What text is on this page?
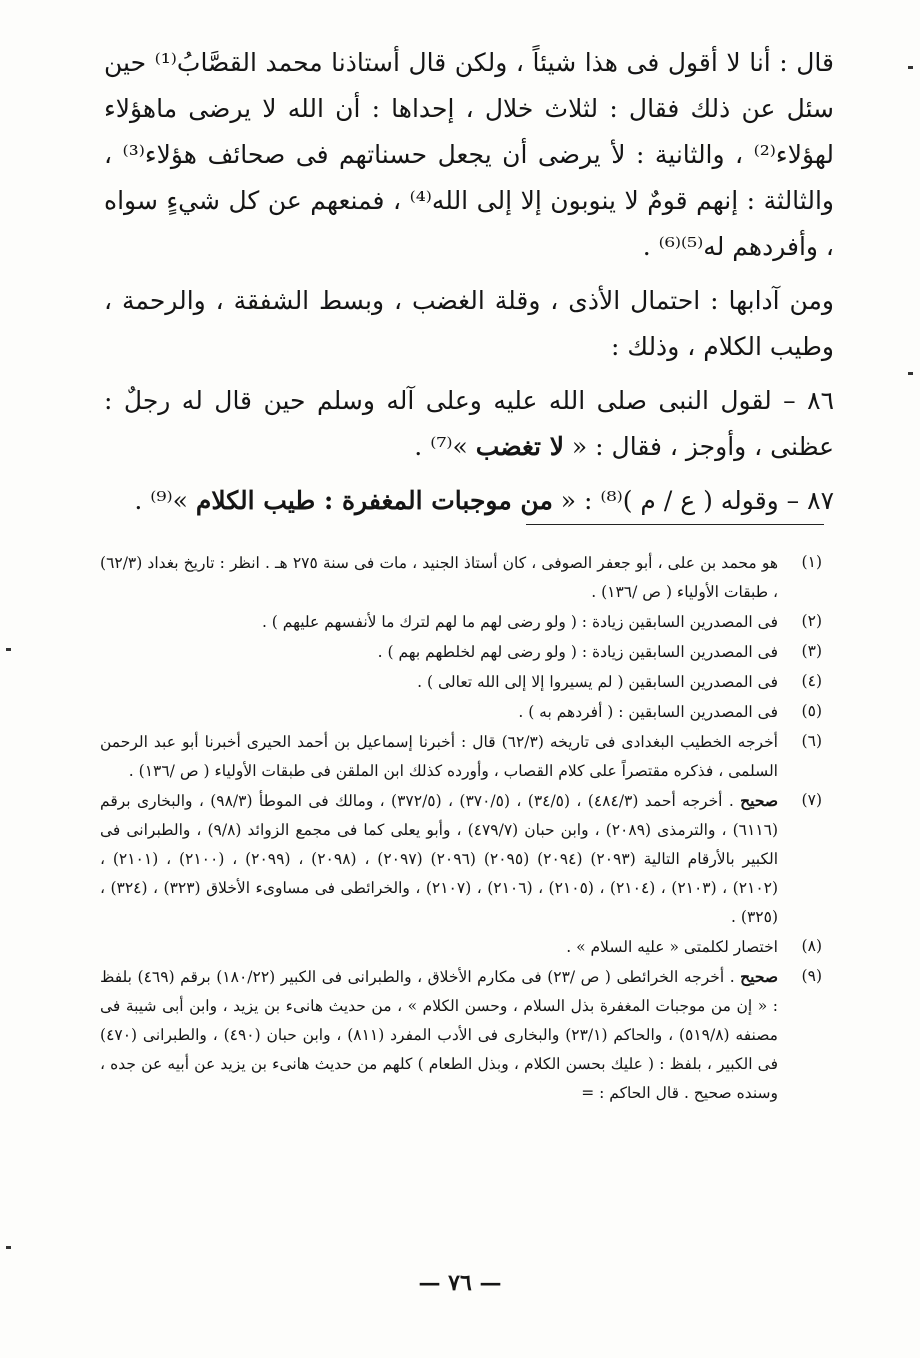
قال : أنا لا أقول فى هذا شيئاً ، ولكن قال أستاذنا محمد القصَّابُ⁽¹⁾ حين سئل عن ذلك فقال : لثلاث خلال ، إحداها : أن الله لا يرضى ماهؤلاء لهؤلاء⁽²⁾ ، والثانية : لأ يرضى أن يجعل حسناتهم فى صحائف هؤلاء⁽³⁾ ، والثالثة : إنهم قومٌ لا ينوبون إلا إلى الله⁽⁴⁾ ، فمنعهم عن كل شيءٍ سواه ، وأفردهم له⁽⁵⁾⁽⁶⁾ .

ومن آدابها : احتمال الأذى ، وقلة الغضب ، وبسط الشفقة ، والرحمة ، وطيب الكلام ، وذلك :

٨٦ – لقول النبى صلى الله عليه وعلى آله وسلم حين قال له رجلٌ : عظنى ، وأوجز ، فقال : « لا تغضب »⁽⁷⁾ .

٨٧ – وقوله ( ع / م )⁽⁸⁾ : « من موجبات المغفرة : طيب الكلام »⁽⁹⁾ .

(١)
هو محمد بن على ، أبو جعفر الصوفى ، كان أستاذ الجنيد ، مات فى سنة ٢٧٥ هـ . انظر : تاريخ بغداد (٦٢/٣) ، طبقات الأولياء ( ص /١٣٦) .
(٢)
فى المصدرين السابقين زيادة : ( ولو رضى لهم ما لهم لترك ما لأنفسهم عليهم ) .
(٣)
فى المصدرين السابقين زيادة : ( ولو رضى لهم لخلطهم بهم ) .
(٤)
فى المصدرين السابقين ( لم يسيروا إلا إلى الله تعالى ) .
(٥)
فى المصدرين السابقين : ( أفردهم به ) .
(٦)
أخرجه الخطيب البغدادى فى تاريخه (٦٢/٣) قال : أخبرنا إسماعيل بن أحمد الحيرى أخبرنا أبو عبد الرحمن السلمى ، فذكره مقتصراً على كلام القصاب ، وأورده كذلك ابن الملقن فى طبقات الأولياء ( ص /١٣٦) .
(٧)
صحيح . أخرجه أحمد (٤٨٤/٣) ، (٣٤/٥) ، (٣٧٠/٥) ، (٣٧٢/٥) ، ومالك فى الموطأ (٩٨/٣) ، والبخارى برقم (٦١١٦) ، والترمذى (٢٠٨٩) ، وابن حبان (٤٧٩/٧) ، وأبو يعلى كما فى مجمع الزوائد (٩/٨) ، والطبرانى فى الكبير بالأرقام التالية (٢٠٩٣) (٢٠٩٤) (٢٠٩٥) (٢٠٩٦) (٢٠٩٧) ، (٢٠٩٨) ، (٢٠٩٩) ، (٢١٠٠) ، (٢١٠١) ، (٢١٠٢) ، (٢١٠٣) ، (٢١٠٤) ، (٢١٠٥) ، (٢١٠٦) ، (٢١٠٧) ، والخرائطى فى مساوىء الأخلاق (٣٢٣) ، (٣٢٤) ، (٣٢٥) .
(٨)
اختصار لكلمتى « عليه السلام » .
(٩)
صحيح . أخرجه الخرائطى ( ص /٢٣) فى مكارم الأخلاق ، والطبرانى فى الكبير (١٨٠/٢٢) برقم (٤٦٩) بلفظ : « إن من موجبات المغفرة بذل السلام ، وحسن الكلام » ، من حديث هانىء بن يزيد ، وابن أبى شيبة فى مصنفه (٥١٩/٨) ، والحاكم (٢٣/١) والبخارى فى الأدب المفرد (٨١١) ، وابن حبان (٤٩٠) ، والطبرانى (٤٧٠) فى الكبير ، بلفظ : ( عليك بحسن الكلام ، وبذل الطعام ) كلهم من حديث هانىء بن يزيد عن أبيه عن جده ، وسنده صحيح . قال الحاكم : =
— ٧٦ —
